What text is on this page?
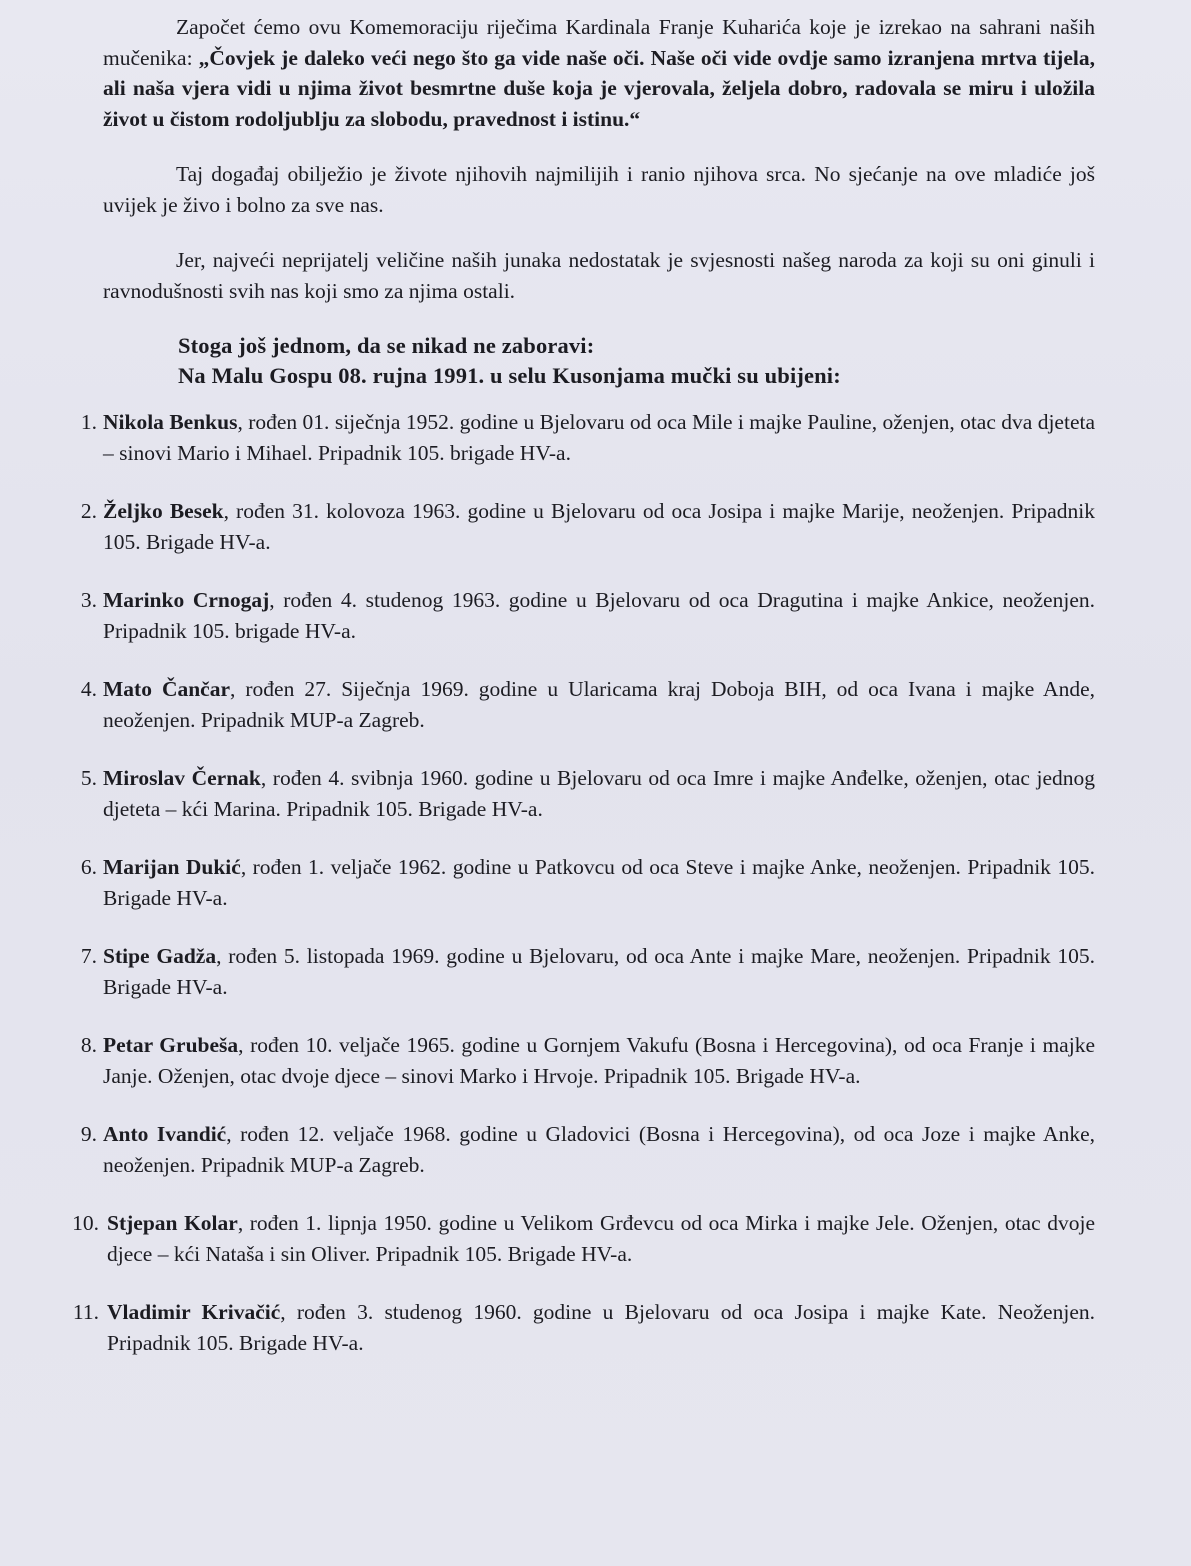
Započet ćemo ovu Komemoraciju riječima Kardinala Franje Kuharića koje je izrekao na sahrani naših mučenika: „Čovjek je daleko veći nego što ga vide naše oči. Naše oči vide ovdje samo izranjena mrtva tijela, ali naša vjera vidi u njima život besmrtne duše koja je vjerovala, željela dobro, radovala se miru i uložila život u čistom rodoljublju za slobodu, pravednost i istinu.“

Taj događaj obilježio je živote njihovih najmilijih i ranio njihova srca. No sjećanje na ove mladiće još uvijek je živo i bolno za sve nas.

Jer, najveći neprijatelj veličine naših junaka nedostatak je svjesnosti našeg naroda za koji su oni ginuli i ravnodušnosti svih nas koji smo za njima ostali.

Stoga još jednom, da se nikad ne zaboravi:
Na Malu Gospu 08. rujna 1991. u selu Kusonjama mučki su ubijeni:
1. Nikola Benkus, rođen 01. siječnja 1952. godine u Bjelovaru od oca Mile i majke Pauline, oženjen, otac dva djeteta – sinovi Mario i Mihael. Pripadnik 105. brigade HV-a.
2. Željko Besek, rođen 31. kolovoza 1963. godine u Bjelovaru od oca Josipa i majke Marije, neoženjen. Pripadnik 105. Brigade HV-a.
3. Marinko Crnogaj, rođen 4. studenog 1963. godine u Bjelovaru od oca Dragutina i majke Ankice, neoženjen. Pripadnik 105. brigade HV-a.
4. Mato Čančar, rođen 27. Siječnja 1969. godine u Ularicama kraj Doboja BIH, od oca Ivana i majke Ande, neoženjen. Pripadnik MUP-a Zagreb.
5. Miroslav Černak, rođen 4. svibnja 1960. godine u Bjelovaru od oca Imre i majke Anđelke, oženjen, otac jednog djeteta – kći Marina. Pripadnik 105. Brigade HV-a.
6. Marijan Dukić, rođen 1. veljače 1962. godine u Patkovcu od oca Steve i majke Anke, neoženjen. Pripadnik 105. Brigade HV-a.
7. Stipe Gadža, rođen 5. listopada 1969. godine u Bjelovaru, od oca Ante i majke Mare, neoženjen. Pripadnik 105. Brigade HV-a.
8. Petar Grubeša, rođen 10. veljače 1965. godine u Gornjem Vakufu (Bosna i Hercegovina), od oca Franje i majke Janje. Oženjen, otac dvoje djece – sinovi Marko i Hrvoje. Pripadnik 105. Brigade HV-a.
9. Anto Ivandić, rođen 12. veljače 1968. godine u Gladovici (Bosna i Hercegovina), od oca Joze i majke Anke, neoženjen. Pripadnik MUP-a Zagreb.
10. Stjepan Kolar, rođen 1. lipnja 1950. godine u Velikom Grđevcu od oca Mirka i majke Jele. Oženjen, otac dvoje djece – kći Nataša i sin Oliver. Pripadnik 105. Brigade HV-a.
11. Vladimir Krivačić, rođen 3. studenog 1960. godine u Bjelovaru od oca Josipa i majke Kate. Neoženjen. Pripadnik 105. Brigade HV-a.
